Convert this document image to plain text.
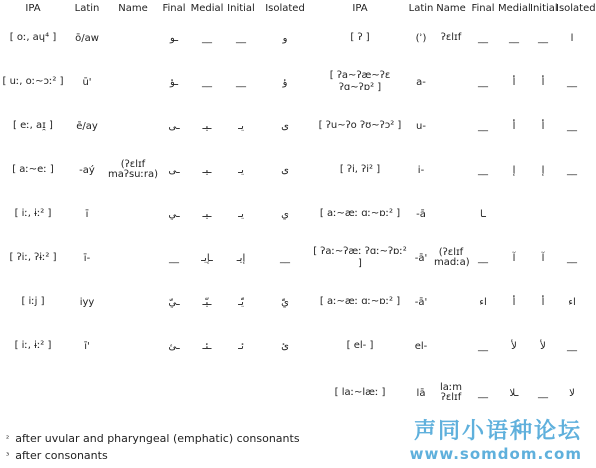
IPA	Latin	Name	Final	Medial	Initial	Isolated	IPA	Latin	Name	Final	Medial	Initial	Isolated
[ oː, aɥ⁴ ]	ō/aw		ـو	__	__	و	[ ʔ ]	(ʾ)	ʔɛlɪf	__	__	__	ا
[ uː, oː~ɔː² ]	ū'		ـؤ	__	__	ؤ	[ ʔa~ʔæ~ʔɛ ʔɑ~ʔɒ² ]	a-		__	أ	أ	__
[ eː, aɪ̯ ]	ē/ay		ـى	ـيـ	يـ	ى	[ ʔu~ʔo ʔʊ~ʔɔ² ]	u-		__	أ	أ	__
[ aː~eː ]	-aý	(ʔɛlɪf maʔsuːra)	ـى	ـيـ	يـ	ى	[ ʔi, ʔi² ]	i-		__	إ	إ	__
[ iː, ɨː² ]	ī		ـي	ـيـ	يـ	ي	[ aː~æː ɑː~ɒː² ]	-ā		ـا			
[ ʔiː, ʔɨː² ]	ī-		__	ـإيـ	إيـ	__	[ ʔaː~ʔæː ʔɑː~ʔɒː² ]	-ā'	(ʔɛlɪf madːa)	__	آ	آ	__
[ iːj ]	iyy		ـيّ	ـيّـ	يّـ	يّ	[ aː~æː ɑː~ɒː² ]	-ā'		اء	أ	أ	اء
[ iː, ɨː² ]	ī'		ـئ	ـئـ	ئـ	ئ	[ el- ]	el-		__	لأ	لأ	__
							[ laː~læː ]	lā	laːm ʔɛlɪf	__	ـلا	__	لا
$^{^2}$ after uvular and pharyngeal (emphatic) consonants
$^{^3}$ after consonants
声同小语种论坛
www.somdom.com
